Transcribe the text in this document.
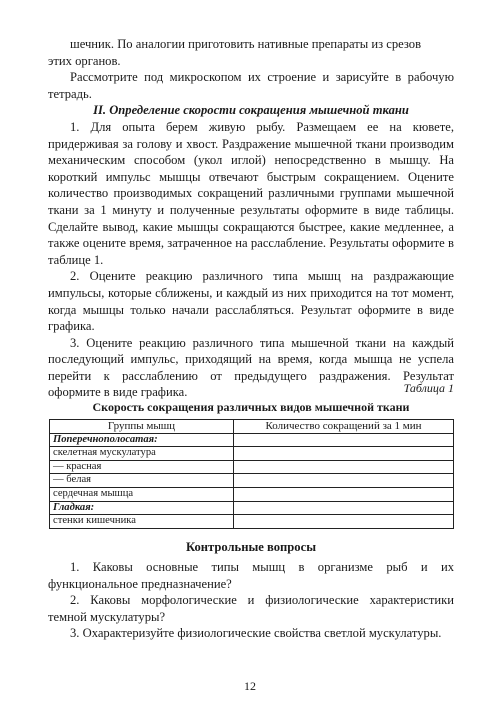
шечник. По аналогии приготовить нативные препараты из срезов
этих органов.

Рассмотрите под микроскопом их строение и зарисуйте в рабочую тетрадь.

II. Определение скорости сокращения мышечной ткани

1. Для опыта берем живую рыбу. Размещаем ее на кювете, придерживая за голову и хвост. Раздражение мышечной ткани производим механическим способом (укол иглой) непосредственно в мышцу. На короткий импульс мышцы отвечают быстрым сокращением. Оцените количество производимых сокращений различными группами мышечной ткани за 1 минуту и полученные результаты оформите в виде таблицы. Сделайте вывод, какие мышцы сокращаются быстрее, какие медленнее, а также оцените время, затраченное на расслабление. Результаты оформите в таблице 1.

2. Оцените реакцию различного типа мышц на раздражающие импульсы, которые сближены, и каждый из них приходится на тот момент, когда мышцы только начали расслабляться. Результат оформите в виде графика.

3. Оцените реакцию различного типа мышечной ткани на каждый последующий импульс, приходящий на время, когда мышца не успела перейти к расслаблению от предыдущего раздражения. Результат оформите в виде графика.	Таблица 1
Скорость сокращения различных видов мышечной ткани
Группы мышц	Количество сокращений за 1 мин
Поперечнополосатая:	
скелетная мускулатура	
— красная	
— белая	
сердечная мышца	
Гладкая:	
стенки кишечника	
Контрольные вопросы

1. Каковы основные типы мышц в организме рыб и их функциональное предназначение?

2. Каковы морфологические и физиологические характеристики темной мускулатуры?

3. Охарактеризуйте физиологические свойства светлой мускулатуры.

12
